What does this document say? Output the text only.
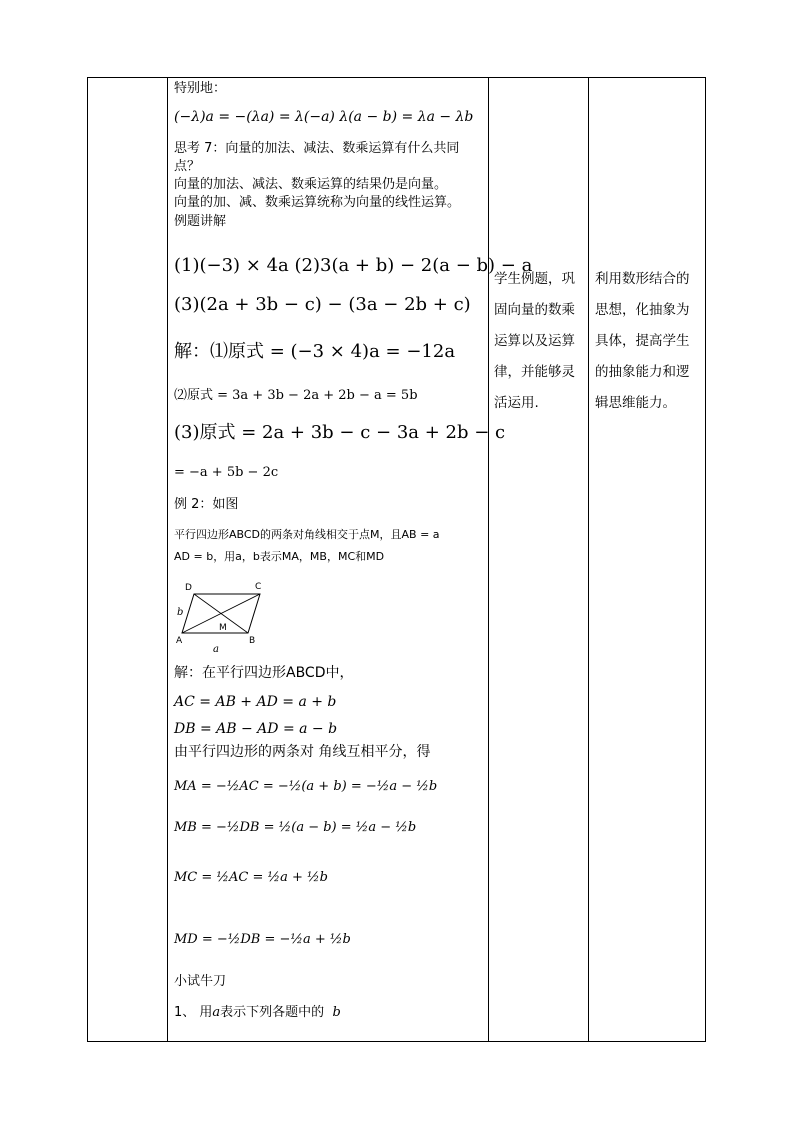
特别地：
(−λ)a = −(λa) = λ(−a) λ(a − b) = λa − λb
思考 7：向量的加法、减法、数乘运算有什么共同
点？
向量的加法、减法、数乘运算的结果仍是向量。
向量的加、减、数乘运算统称为向量的线性运算。
例题讲解
(1)(−3) × 4a (2)3(a + b) − 2(a − b) − a
(3)(2a + 3b − c) − (3a − 2b + c)
解：⑴原式 = (−3 × 4)a = −12a
⑵原式 = 3a + 3b − 2a + 2b − a = 5b
(3)原式 = 2a + 3b − c − 3a + 2b − c
= −a + 5b − 2c
例 2：如图
平行四边形ABCD的两条对角线相交于点M，且AB = a
AD = b，用a，b表示MA，MB，MC和MD
D	C
A	B
M
a
b
解：在平行四边形ABCD中，
AC = AB + AD = a + b
DB = AB − AD = a − b
由平行四边形的两条对 角线互相平分，得
MA = −½AC = −½(a + b) = −½a − ½b
MB = −½DB = ½(a − b) = ½a − ½b
MC = ½AC = ½a + ½b
MD = −½DB = −½a + ½b
小试牛刀
1、 用a表示下列各题中的 b
学生例题，巩
固向量的数乘
运算以及运算
律，并能够灵
活运用.
利用数形结合的
思想，化抽象为
具体，提高学生
的抽象能力和逻
辑思维能力。
